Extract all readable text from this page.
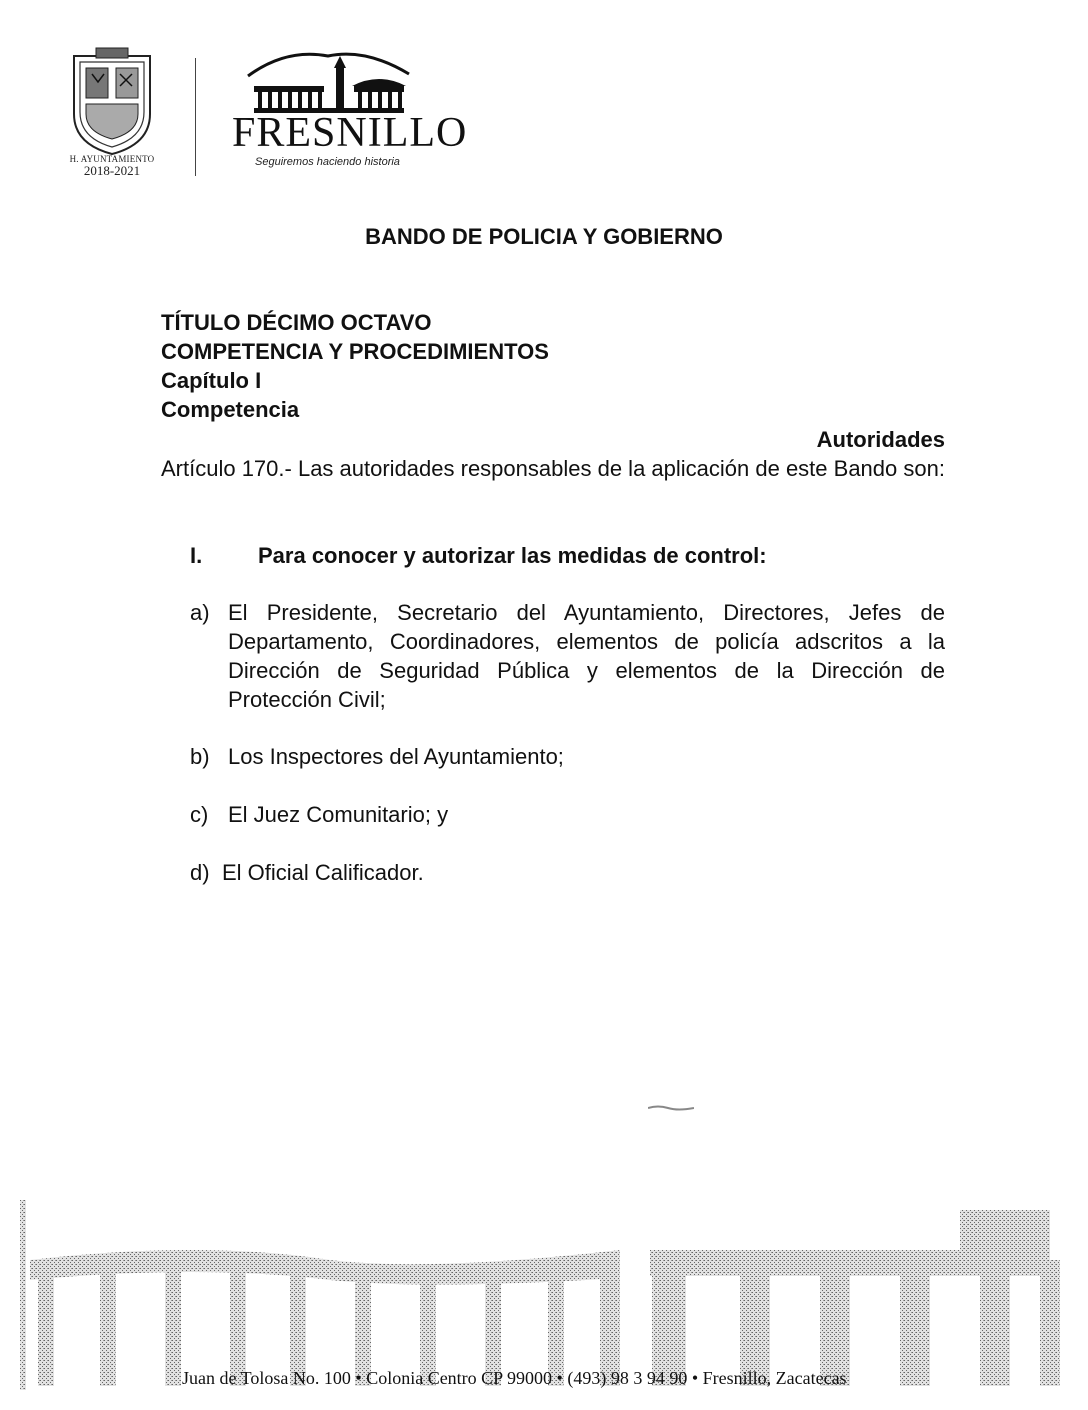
H. AYUNTAMIENTO
2018-2021
FRESNILLO
Seguiremos haciendo historia
BANDO DE POLICIA Y GOBIERNO
TÍTULO DÉCIMO OCTAVO
COMPETENCIA Y PROCEDIMIENTOS
Capítulo I
Competencia
Autoridades
Artículo 170.- Las autoridades responsables de la aplicación de este Bando son:
I.	Para conocer y autorizar las medidas de control:
a) El Presidente, Secretario del Ayuntamiento, Directores, Jefes de Departamento, Coordinadores, elementos de policía adscritos a la Dirección de Seguridad Pública y elementos de la Dirección de Protección Civil;
b) Los Inspectores del Ayuntamiento;
c) El Juez Comunitario; y
d) El Oficial Calificador.
Juan de Tolosa No. 100 • Colonia Centro CP 99000 • (493) 98 3 94 90 • Fresnillo, Zacatecas
